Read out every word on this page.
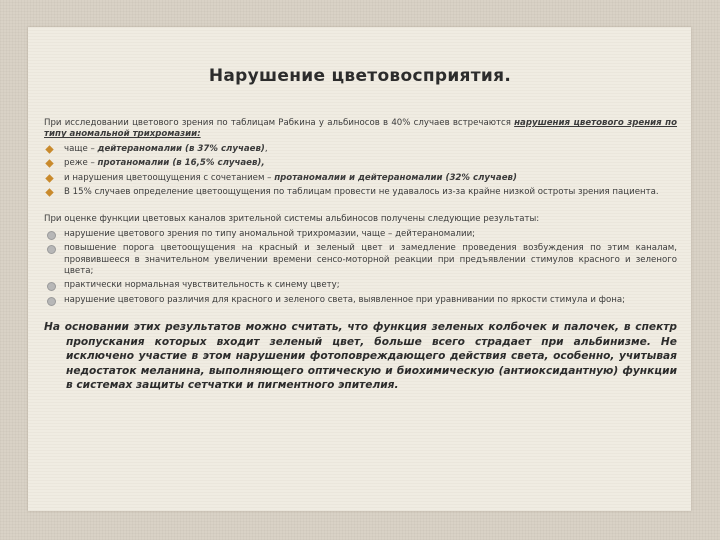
Нарушение цветовосприятия.

При исследовании цветового зрения по таблицам Рабкина у альбиносов в 40% случаев встречаются нарушения цветового зрения по типу аномальной трихромазии:

чаще – дейтераномалии (в 37% случаев),
реже – протаномалии (в 16,5% случаев),
и нарушения цветоощущения с сочетанием – протаномалии и дейтераномалии (32% случаев)
В 15% случаев определение цветоощущения по таблицам провести не удавалось из-за крайне низкой остроты зрения пациента.

При оценке функции цветовых каналов зрительной системы альбиносов получены следующие результаты:

нарушение цветового зрения по типу аномальной трихромазии, чаще – дейтераномалии;
повышение порога цветоощущения на красный и зеленый цвет и замедление проведения возбуждения по этим каналам, проявившееся в значительном увеличении времени сенсо-моторной реакции при предъявлении стимулов красного и зеленого цвета;
практически нормальная чувствительность к синему цвету;
нарушение цветового различия для красного и зеленого света, выявленное при уравнивании по яркости стимула и фона;

На основании этих результатов можно считать, что функция зеленых колбочек и палочек, в спектр пропускания которых входит зеленый цвет, больше всего страдает при альбинизме. Не исключено участие в этом нарушении фотоповреждающего действия света, особенно, учитывая недостаток меланина, выполняющего оптическую и биохимическую (антиоксидантную) функции в системах защиты сетчатки и пигментного эпителия.
